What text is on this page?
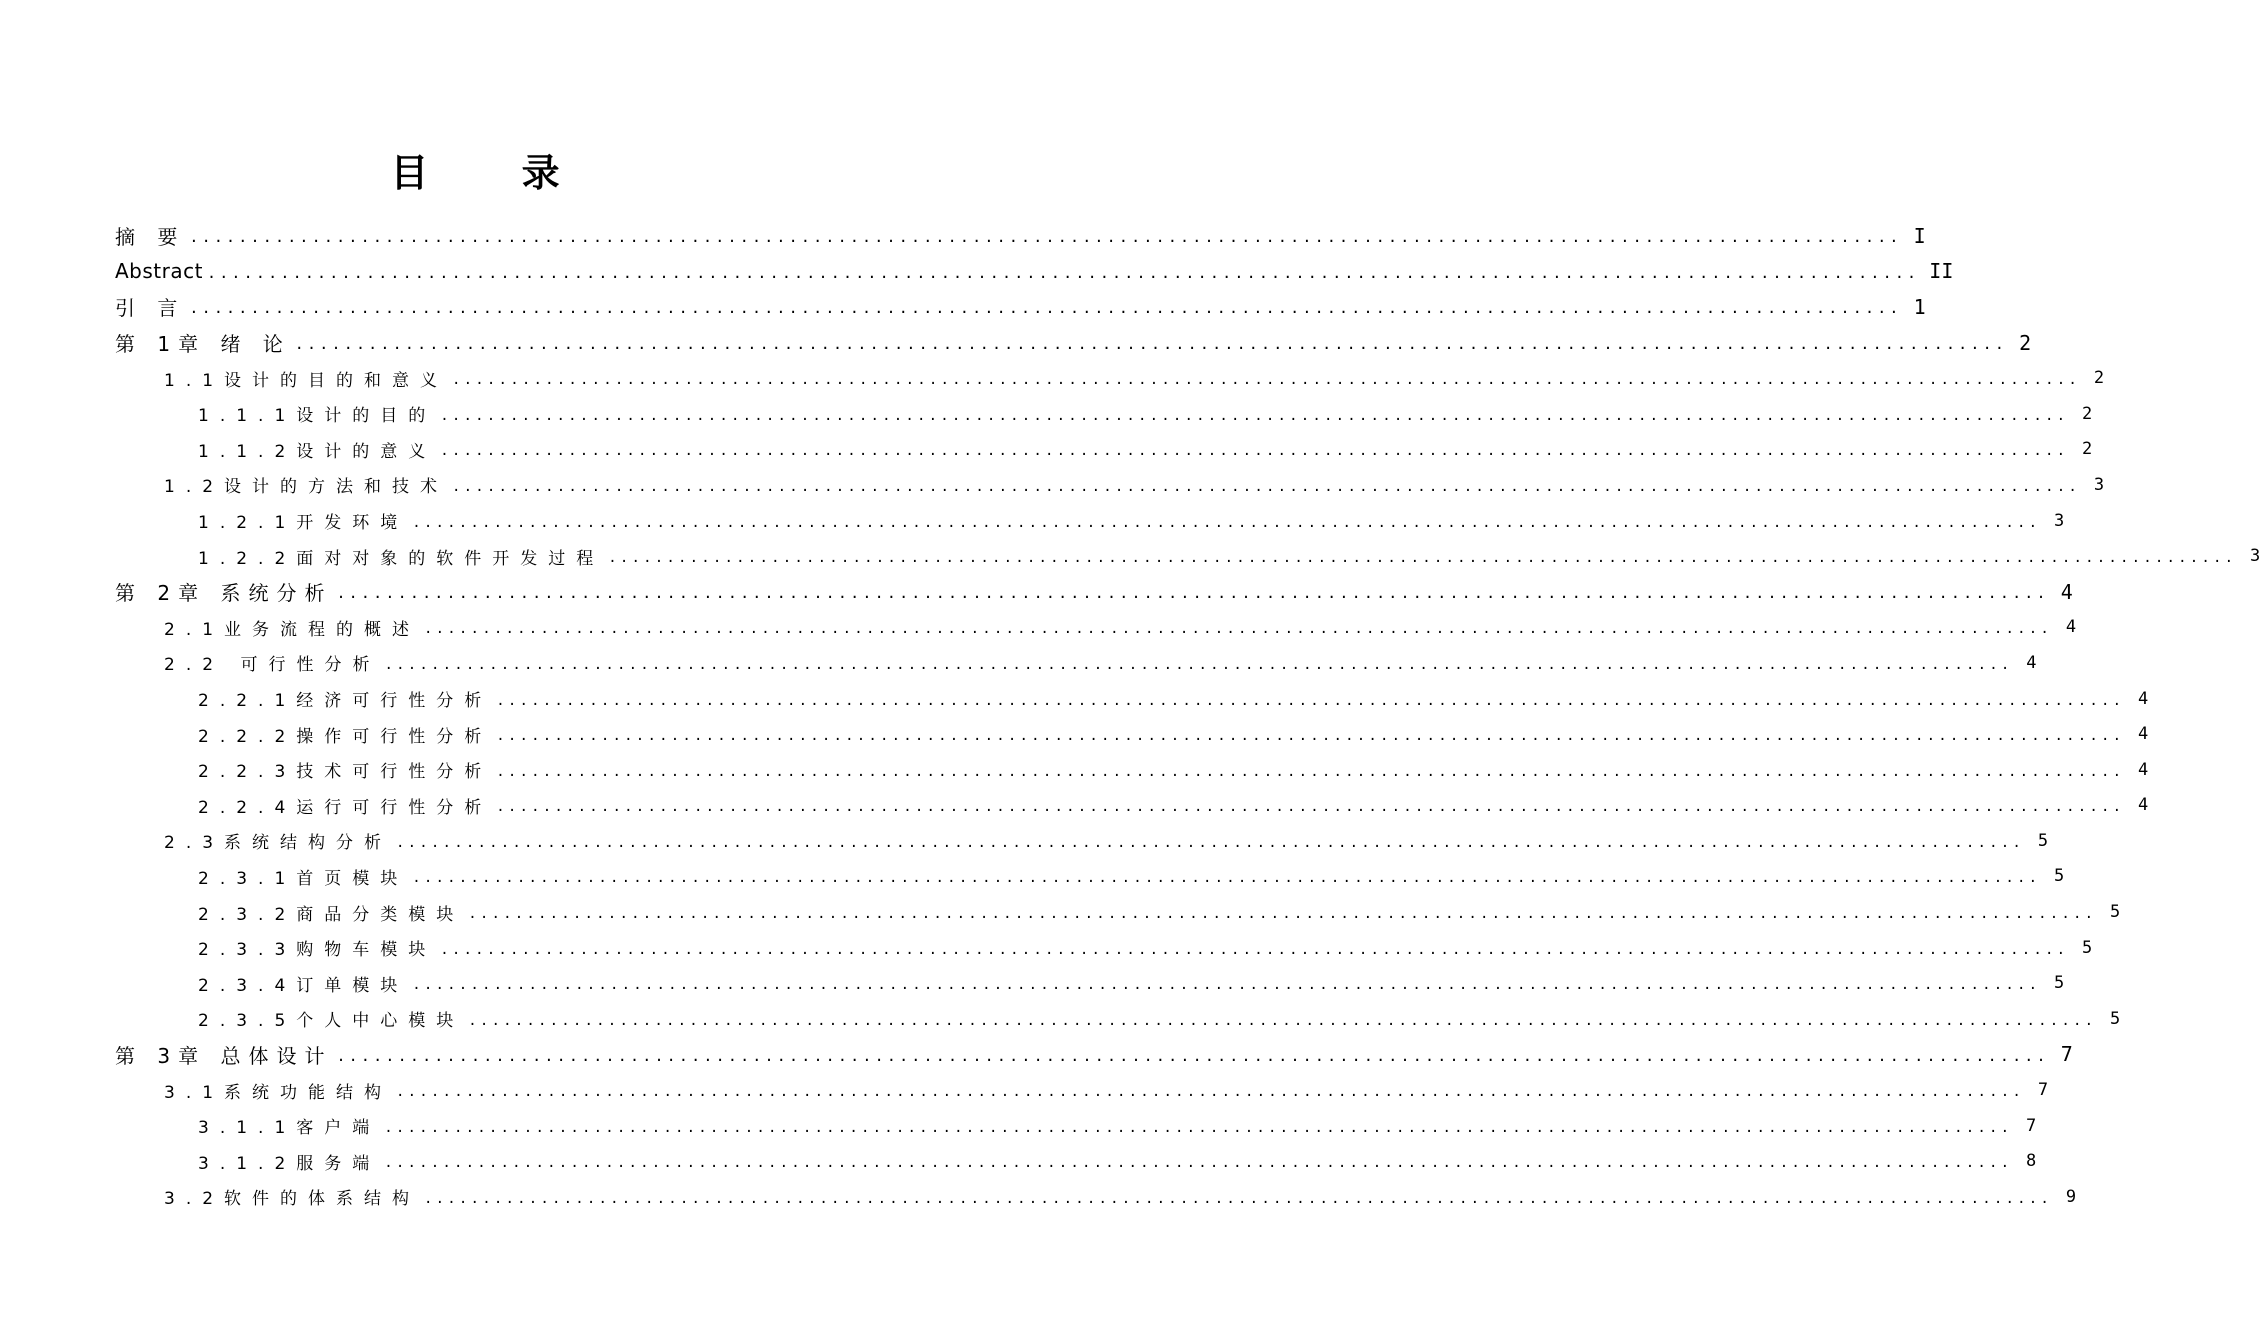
目 录
摘 要 ............................................................................................................................................ I
Abstract ............................................................................................................................................ II
引 言 ............................................................................................................................................ 1
第 1章 绪 论 ............................................................................................................................................ 2
1.1设计的目的和意义 ............................................................................................................................................ 2
1.1.1设计的目的 ............................................................................................................................................ 2
1.1.2设计的意义 ............................................................................................................................................ 2
1.2设计的方法和技术 ............................................................................................................................................ 3
1.2.1开发环境 ............................................................................................................................................ 3
1.2.2面对对象的软件开发过程 ............................................................................................................................................ 3
第 2章 系统分析 ............................................................................................................................................ 4
2.1业务流程的概述 ............................................................................................................................................ 4
2.2 可行性分析 ............................................................................................................................................ 4
2.2.1经济可行性分析 ............................................................................................................................................ 4
2.2.2操作可行性分析 ............................................................................................................................................ 4
2.2.3技术可行性分析 ............................................................................................................................................ 4
2.2.4运行可行性分析 ............................................................................................................................................ 4
2.3系统结构分析 ............................................................................................................................................ 5
2.3.1首页模块 ............................................................................................................................................ 5
2.3.2商品分类模块 ............................................................................................................................................ 5
2.3.3购物车模块 ............................................................................................................................................ 5
2.3.4订单模块 ............................................................................................................................................ 5
2.3.5个人中心模块 ............................................................................................................................................ 5
第 3章 总体设计 ............................................................................................................................................ 7
3.1系统功能结构 ............................................................................................................................................ 7
3.1.1客户端 ............................................................................................................................................ 7
3.1.2服务端 ............................................................................................................................................ 8
3.2软件的体系结构 ............................................................................................................................................ 9
